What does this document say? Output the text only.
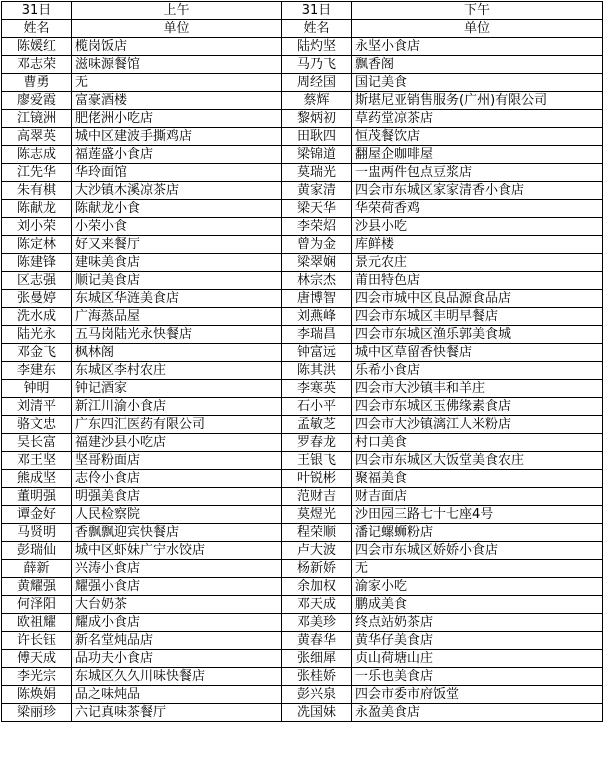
31日	上午	31日	下午
姓名	单位	姓名	单位
陈媛红	榄岗饭店	陆灼坚	永坚小食店
邓志荣	滋味源餐馆	马乃飞	飘香阁
曹勇	无	周经国	国记美食
廖爱霞	富豪酒楼	蔡辉	斯堪尼亚销售服务(广州)有限公司
江镜洲	肥佬洲小吃店	黎炳初	草药堂凉茶店
高翠英	城中区建波手撕鸡店	田耿四	恒茂餐饮店
陈志成	福莲盛小食店	梁锦道	翻屋企咖啡屋
江先华	华玲面馆	莫瑞光	一盅两件包点豆浆店
朱有棋	大沙镇木溪凉茶店	黄家清	四会市东城区家家清香小食店
陈献龙	陈献龙小食	梁天华	华荣荷香鸡
刘小荣	小荣小食	李荣炤	沙县小吃
陈定林	好又来餐厅	曾为金	库鲜楼
陈建锋	建味美食店	梁翠娴	景元农庄
区志强	顺记美食店	林宗杰	莆田特色店
张曼婷	东城区华涟美食店	唐博智	四会市城中区良品源食品店
洗水成	广海蒸品屋	刘燕峰	四会市东城区丰明早餐店
陆光永	五马岗陆光永快餐店	李瑞昌	四会市东城区渔乐郭美食城
邓金飞	枫林阁	钟富远	城中区草留香快餐店
李建东	东城区李村农庄	陈其洪	乐希小食店
钟明	钟记酒家	李寒英	四会市大沙镇丰和羊庄
刘清平	新江川渝小食店	石小平	四会市东城区玉佛缘素食店
骆文忠	广东四汇医药有限公司	孟敏芝	四会市大沙镇漓江人米粉店
吴长富	福建沙县小吃店	罗春龙	村口美食
邓王坚	坚哥粉面店	王银飞	四会市东城区大饭堂美食农庄
熊成坚	志伶小食店	叶锐彬	聚福美食
董明强	明强美食店	范财吉	财吉面店
谭金好	人民检察院	莫煜光	沙田园三路七十七座4号
马贤明	香飘飘迎宾快餐店	程荣顺	潘记螺蛳粉店
彭瑞仙	城中区虾妹广宁水饺店	卢大波	四会市东城区娇娇小食店
薛新	兴涛小食店	杨新娇	无
黄耀强	耀强小食店	余加权	渝家小吃
何泽阳	大台奶茶	邓天成	鹏成美食
欧祖耀	耀成小食店	邓美珍	终点站奶茶店
许长钰	新名堂炖品店	黄春华	黄华仔美食店
傅天成	品功夫小食店	张细犀	贞山荷塘山庄
李光宗	东城区久久川味快餐店	张桂娇	一乐也美食店
陈焕娟	品之味炖品	彭兴泉	四会市委市府饭堂
梁丽珍	六记真味茶餐厅	冼国妹	永盈美食店
